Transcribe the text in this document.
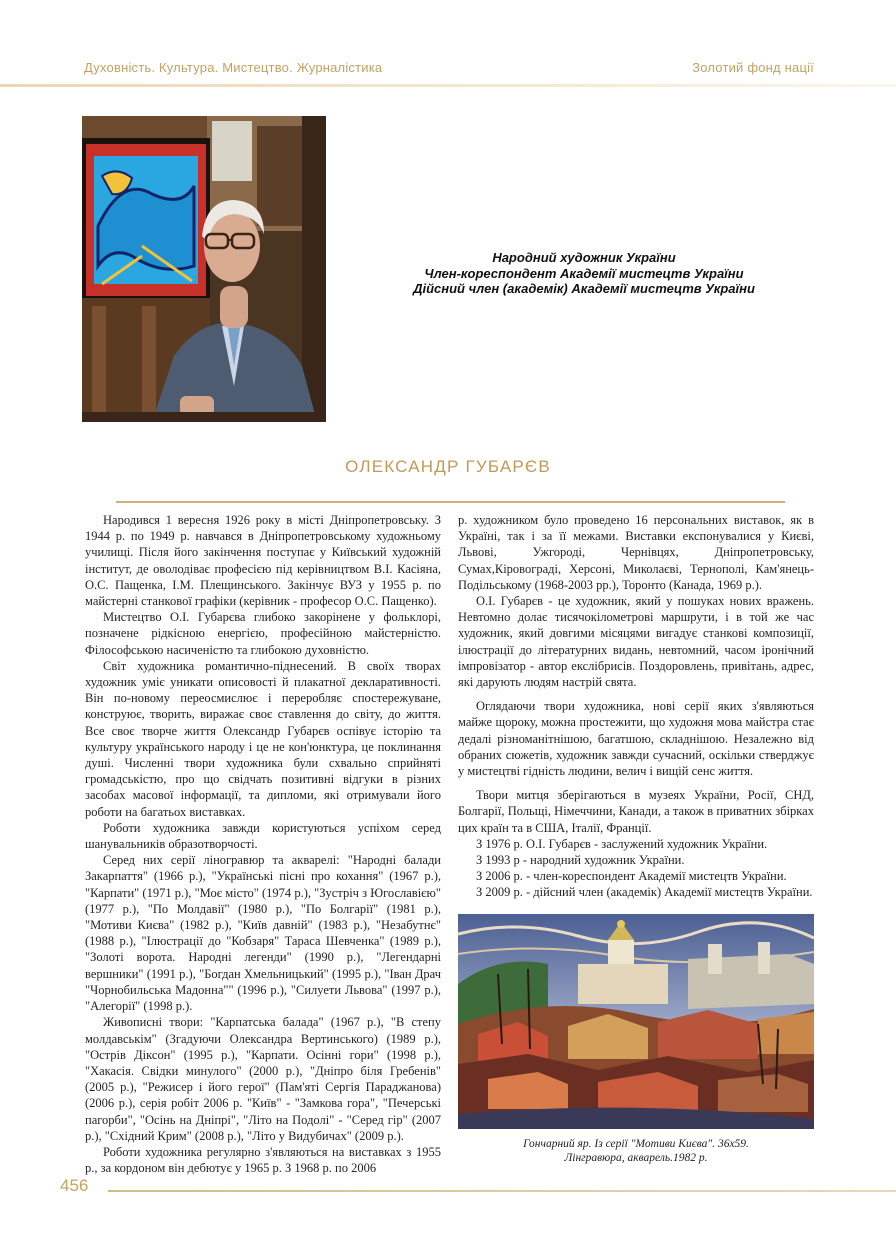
Духовність. Культура. Мистецтво. Журналістика	Золотий фонд нації
Народний художник України
Член-кореспондент Академії мистецтв України
Дійсний член (академік) Академії мистецтв України
ОЛЕКСАНДР ГУБАРЄВ

Народився 1 вересня 1926 року в місті Дніпропетровську. З 1944 р. по 1949 р. навчався в Дніпропетровському художньому училищі. Після його закінчення поступає у Київський художній інститут, де оволодіває професією під керівництвом В.І. Касіяна, О.С. Пащенка, І.М. Плещинського. Закінчує ВУЗ у 1955 р. по майстерні станкової графіки (керівник - професор О.С. Пащенко).

Мистецтво О.І. Губарєва глибоко закорінене у фольклорі, позначене рідкісною енергією, професійною майстерністю. Філософською насиченістю та глибокою духовністю.

Світ художника романтично-піднесений. В своїх творах художник уміє уникати описовості й плакатної декларативності. Він по-новому переосмислює і переробляє спостережуване, конструює, творить, виражає своє ставлення до світу, до життя. Все своє творче життя Олександр Губарєв оспівує історію та культуру українського народу і це не кон'юнктура, це поклинання душі. Численні твори художника були схвально сприйняті громадськістю, про що свідчать позитивні відгуки в різних засобах масової інформації, та дипломи, які отримували його роботи на багатьох виставках.

Роботи художника завжди користуються успіхом серед шанувальників образотворчості.

Серед них серії ліногравюр та акварелі: "Народні балади Закарпаття" (1966 р.), "Українські пісні про кохання" (1967 р.), "Карпати" (1971 р.), "Моє місто" (1974 р.), "Зустріч з Югославією" (1977 р.), "По Молдавії" (1980 р.), "По Болгарії" (1981 р.), "Мотиви Києва" (1982 р.), "Київ давній" (1983 р.), "Незабутнє" (1988 р.), "Ілюстрації до "Кобзаря" Тараса Шевченка" (1989 р.), "Золоті ворота. Народні легенди" (1990 р.), "Легендарні вершники" (1991 р.), "Богдан Хмельницький" (1995 р.), "Іван Драч "Чорнобильська Мадонна"" (1996 р.), "Силуети Львова" (1997 р.), "Алегорії" (1998 р.).

Живописні твори: "Карпатська балада" (1967 р.), "В степу молдавськім" (Згадуючи Олександра Вертинського) (1989 р.), "Острів Діксон" (1995 р.), "Карпати. Осінні гори" (1998 р.), "Хакасія. Свідки минулого" (2000 р.), "Дніпро біля Гребенів" (2005 р.), "Режисер і його герої" (Пам'яті Сергія Параджанова) (2006 р.), серія робіт 2006 р. "Київ" - "Замкова гора", "Печерські пагорби", "Осінь на Дніпрі", "Літо на Подолі" - "Серед гір" (2007 р.), "Східний Крим" (2008 р.), "Літо у Видубичах" (2009 р.).

Роботи художника регулярно з'являються на виставках з 1955 р., за кордоном він дебютує у 1965 р. З 1968 р. по 2006

р. художником було проведено 16 персональних виставок, як в Україні, так і за її межами. Виставки експонувалися у Києві, Львові, Ужгороді, Чернівцях, Дніпропетровську, Сумах,Кіровограді, Херсоні, Миколаєві, Тернополі, Кам'янець-Подільському (1968-2003 рр.), Торонто (Канада, 1969 р.).

О.І. Губарєв - це художник, який у пошуках нових вражень. Невтомно долає тисячокілометрові маршрути, і в той же час художник, який довгими місяцями вигадує станкові композиції, ілюстрації до літературних видань, невтомний, часом іронічний імпровізатор - автор екслібрисів. Поздоровлень, привітань, адрес, які дарують людям настрій свята.

Оглядаючи твори художника, нові серії яких з'являються майже щороку, можна простежити, що художня мова майстра стає дедалі різноманітнішою, багатшою, складнішою. Незалежно від обраних сюжетів, художник завжди сучасний, оскільки стверджує у мистецтві гідність людини, велич і вищій сенс життя.

Твори митця зберігаються в музеях України, Росії, СНД, Болгарії, Польщі, Німеччини, Канади, а також в приватних збірках цих країн та в США, Італії, Франції.

З 1976 р. О.І. Губарєв - заслужений художник України.

З 1993 р - народний художник України.

З 2006 р. - член-кореспондент Академії мистецтв України.

З 2009 р. - дійсний член (академік) Академії мистецтв України.

Гончарний яр. Із серії "Мотиви Києва". 36х59.
Лінгравюра, акварель.1982 р.
456
